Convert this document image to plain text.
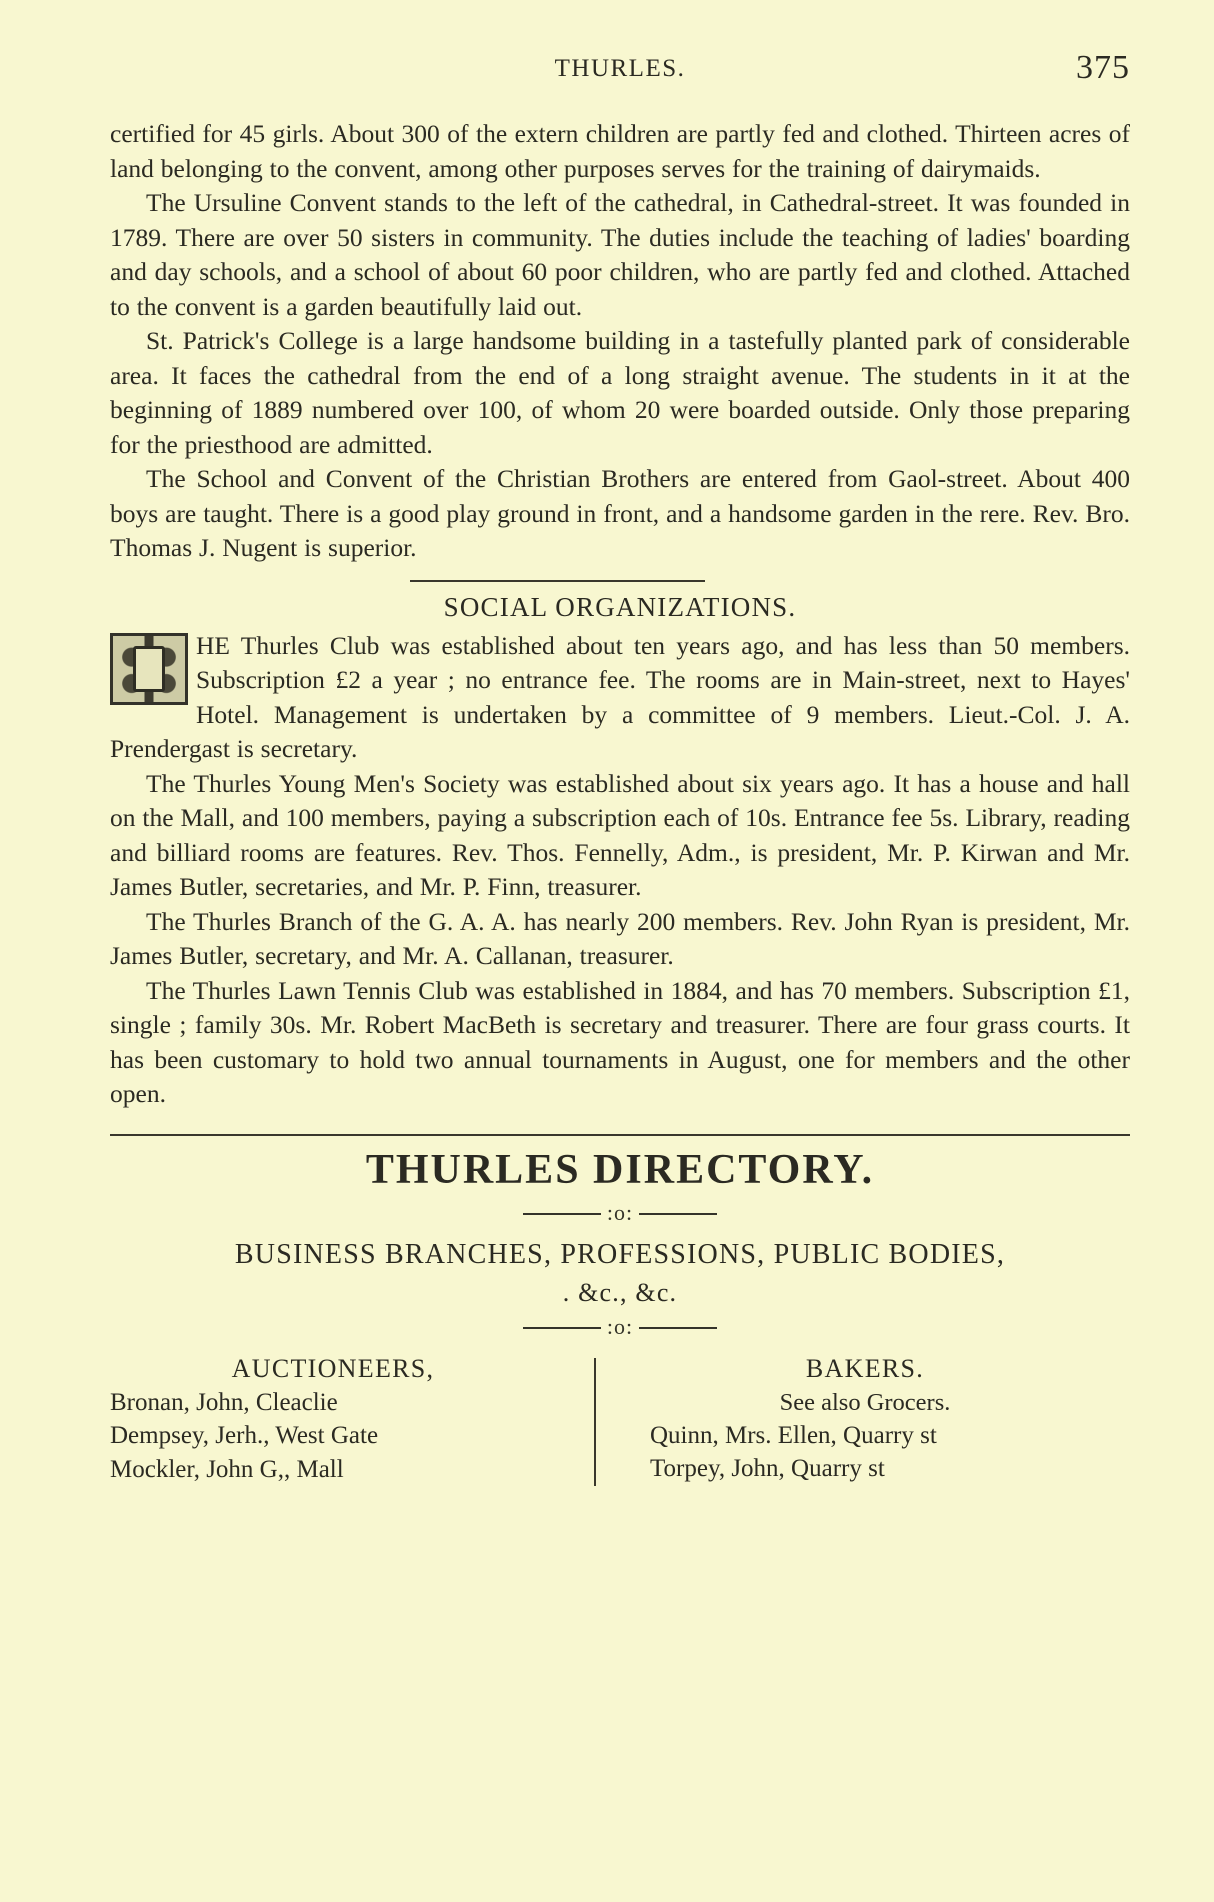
THURLES.	375

certified for 45 girls. About 300 of the extern children are partly fed and clothed. Thirteen acres of land belonging to the convent, among other purposes serves for the training of dairymaids.

The Ursuline Convent stands to the left of the cathedral, in Cathedral-street. It was founded in 1789. There are over 50 sisters in community. The duties include the teaching of ladies' boarding and day schools, and a school of about 60 poor children, who are partly fed and clothed. Attached to the convent is a garden beautifully laid out.

St. Patrick's College is a large handsome building in a tastefully planted park of considerable area. It faces the cathedral from the end of a long straight avenue. The students in it at the beginning of 1889 numbered over 100, of whom 20 were boarded outside. Only those preparing for the priesthood are admitted.

The School and Convent of the Christian Brothers are entered from Gaol-street. About 400 boys are taught. There is a good play ground in front, and a handsome garden in the rere. Rev. Bro. Thomas J. Nugent is superior.

SOCIAL ORGANIZATIONS.

HE Thurles Club was established about ten years ago, and has less than 50 members. Subscription £2 a year ; no entrance fee. The rooms are in Main-street, next to Hayes' Hotel. Management is undertaken by a committee of 9 members. Lieut.-Col. J. A. Prendergast is secretary.

The Thurles Young Men's Society was established about six years ago. It has a house and hall on the Mall, and 100 members, paying a subscription each of 10s. Entrance fee 5s. Library, reading and billiard rooms are features. Rev. Thos. Fennelly, Adm., is president, Mr. P. Kirwan and Mr. James Butler, secretaries, and Mr. P. Finn, treasurer.

The Thurles Branch of the G. A. A. has nearly 200 members. Rev. John Ryan is president, Mr. James Butler, secretary, and Mr. A. Callanan, treasurer.

The Thurles Lawn Tennis Club was established in 1884, and has 70 members. Subscription £1, single ; family 30s. Mr. Robert MacBeth is secretary and treasurer. There are four grass courts. It has been customary to hold two annual tournaments in August, one for members and the other open.

THURLES DIRECTORY.
:o:
BUSINESS BRANCHES, PROFESSIONS, PUBLIC BODIES,
. &c., &c.
:o:
AUCTIONEERS,

Bronan, John, Cleaclie

Dempsey, Jerh., West Gate

Mockler, John G,, Mall

BAKERS.

See also Grocers.

Quinn, Mrs. Ellen, Quarry st

Torpey, John, Quarry st
